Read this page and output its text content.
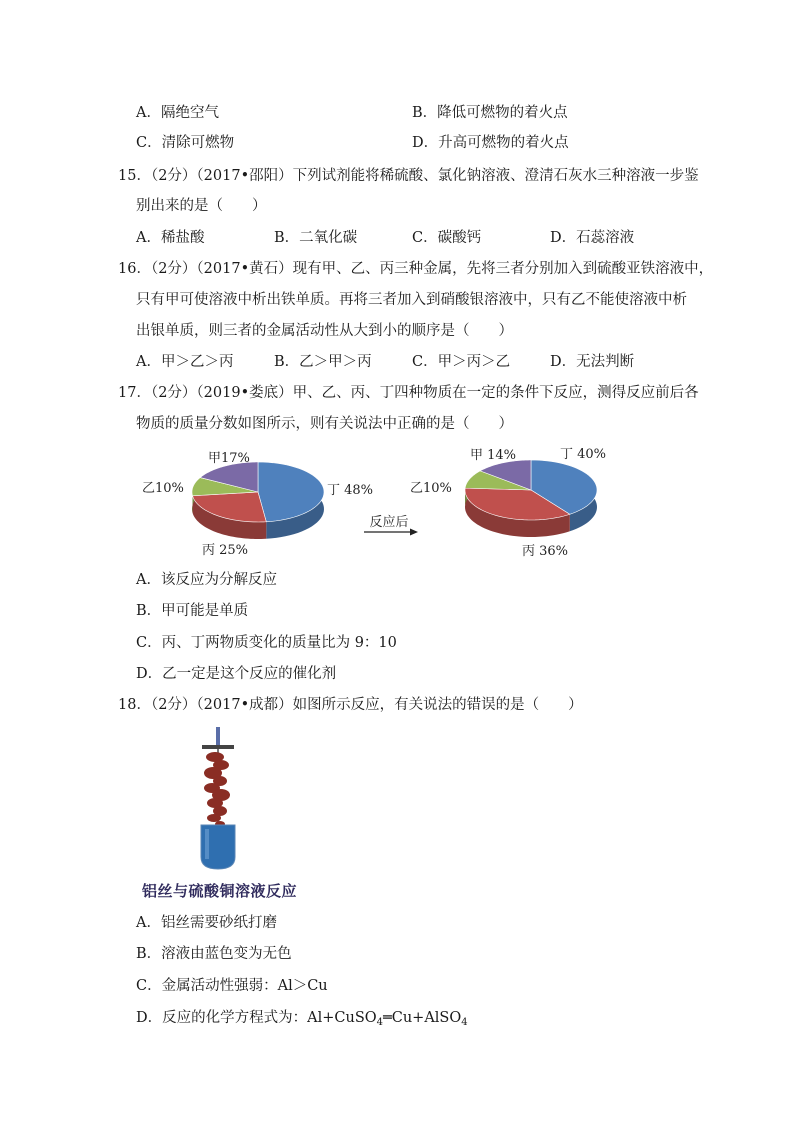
A．隔绝空气	B．降低可燃物的着火点
C．清除可燃物	D．升高可燃物的着火点
15．（2分）（2017•邵阳）下列试剂能将稀硫酸、氯化钠溶液、澄清石灰水三种溶液一步鉴
别出来的是（　　）
A．稀盐酸	B．二氧化碳	C．碳酸钙	D．石蕊溶液
16．（2分）（2017•黄石）现有甲、乙、丙三种金属，先将三者分别加入到硫酸亚铁溶液中，
只有甲可使溶液中析出铁单质。再将三者加入到硝酸银溶液中，只有乙不能使溶液中析
出银单质，则三者的金属活动性从大到小的顺序是（　　）
A．甲＞乙＞丙	B．乙＞甲＞丙	C．甲＞丙＞乙	D．无法判断
17．（2分）（2019•娄底）甲、乙、丙、丁四种物质在一定的条件下反应，测得反应前后各
物质的质量分数如图所示，则有关说法中正确的是（　　）
反应后
甲17%
乙10%
丙 25%
丁 48%
甲 14%
乙10%
丙 36%
丁 40%
A．该反应为分解反应
B．甲可能是单质
C．丙、丁两物质变化的质量比为 9：10
D．乙一定是这个反应的催化剂
18．（2分）（2017•成都）如图所示反应，有关说法的错误的是（　　）
铝丝与硫酸铜溶液反应
A．铝丝需要砂纸打磨
B．溶液由蓝色变为无色
C．金属活动性强弱：Al＞Cu
D．反应的化学方程式为：Al+CuSO$_4$═Cu+AlSO$_4$
